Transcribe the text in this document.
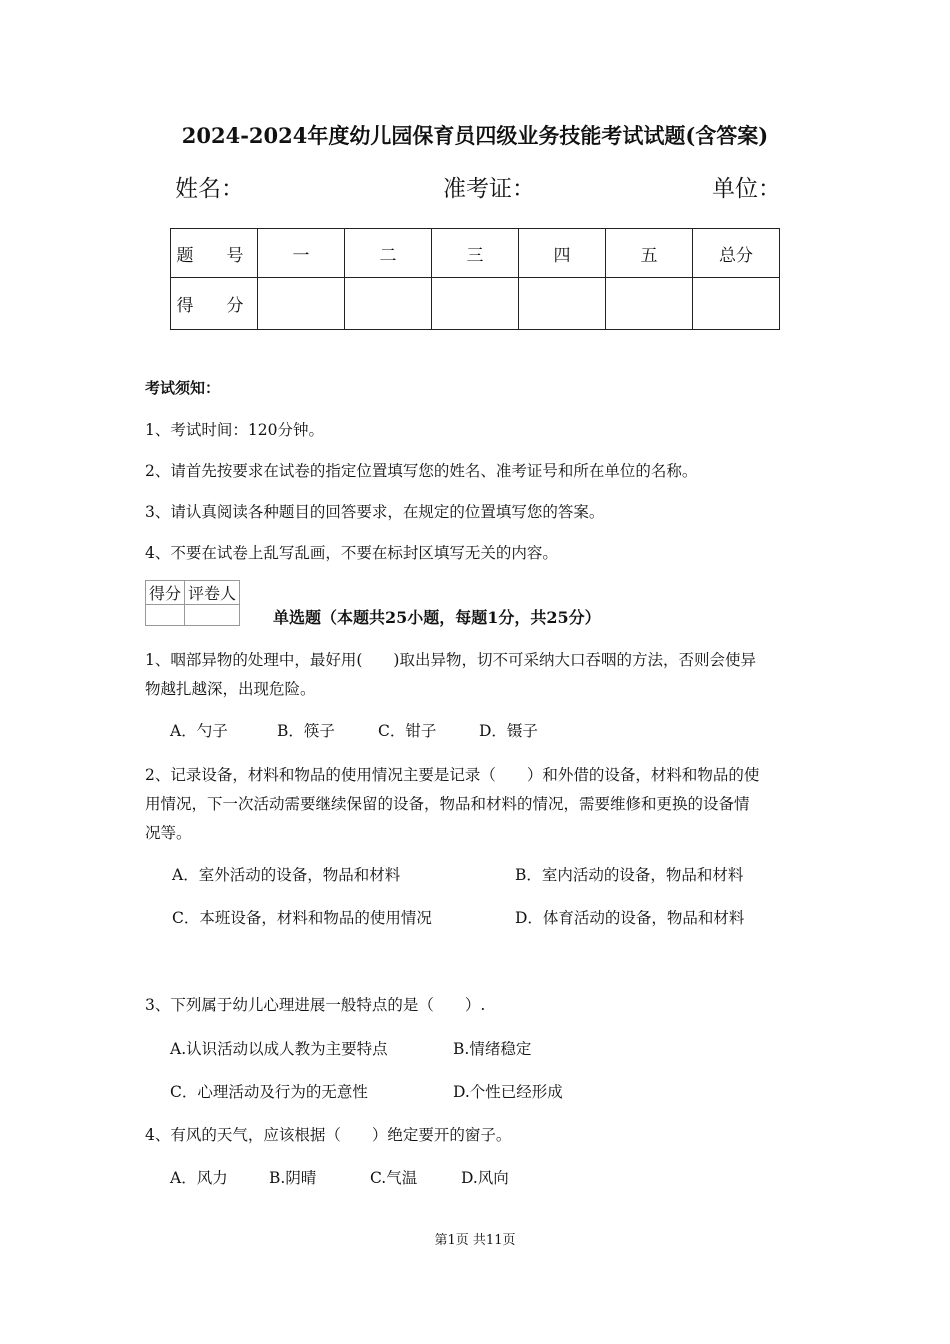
2024-2024年度幼儿园保育员四级业务技能考试试题(含答案)
姓名：	准考证：	单位：
题　号	一	二	三	四	五	总分
得　分						
考试须知：
1、考试时间：120分钟。
2、请首先按要求在试卷的指定位置填写您的姓名、准考证号和所在单位的名称。
3、请认真阅读各种题目的回答要求，在规定的位置填写您的答案。
4、不要在试卷上乱写乱画，不要在标封区填写无关的内容。
得分	评卷人

单选题（本题共25小题，每题1分，共25分）
1、咽部异物的处理中，最好用(　　)取出异物，切不可采纳大口吞咽的方法，否则会使异
物越扎越深，出现危险。
A．勺子	B．筷子	C．钳子	D．镊子
2、记录设备，材料和物品的使用情况主要是记录（　　）和外借的设备，材料和物品的使
用情况，下一次活动需要继续保留的设备，物品和材料的情况，需要维修和更换的设备情
况等。
A．室外活动的设备，物品和材料	B．室内活动的设备，物品和材料
C．本班设备，材料和物品的使用情况	D．体育活动的设备，物品和材料
3、下列属于幼儿心理进展一般特点的是（　　）.
A.认识活动以成人教为主要特点	B.情绪稳定
C．心理活动及行为的无意性	D.个性已经形成
4、有风的天气，应该根据（　　）绝定要开的窗子。
A．风力	B.阴晴	C.气温	D.风向
第1页 共11页
